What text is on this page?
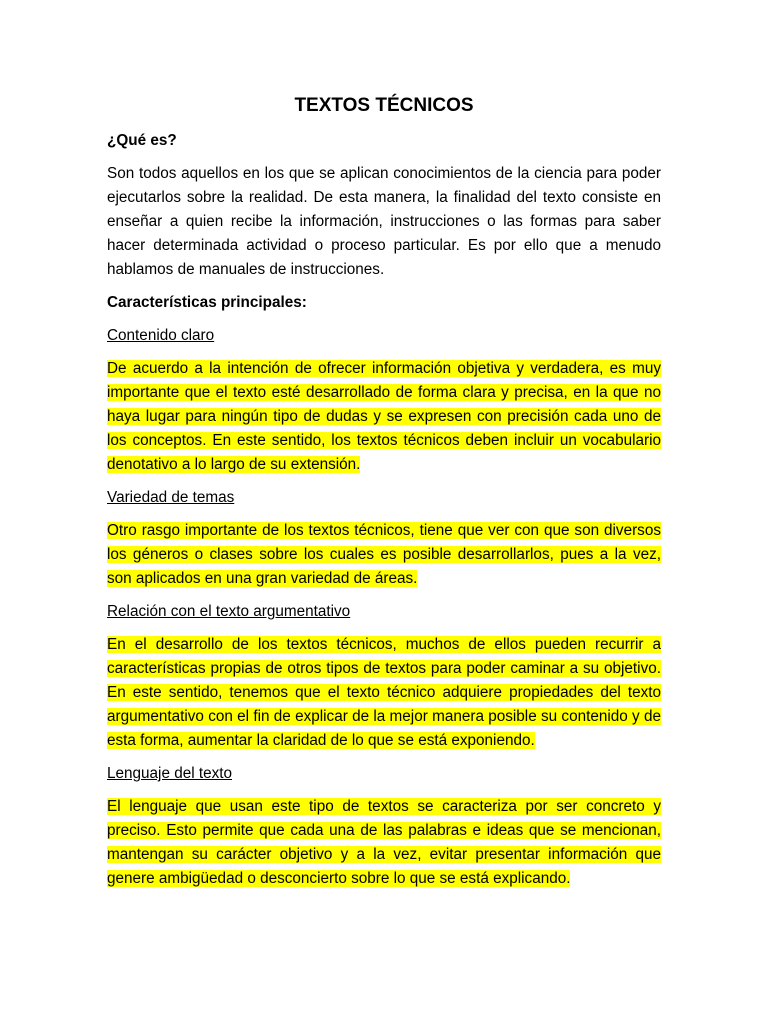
TEXTOS TÉCNICOS
¿Qué es?

Son todos aquellos en los que se aplican conocimientos de la ciencia para poder ejecutarlos sobre la realidad. De esta manera, la finalidad del texto consiste en enseñar a quien recibe la información, instrucciones o las formas para saber hacer determinada actividad o proceso particular. Es por ello que a menudo hablamos de manuales de instrucciones.

Características principales:
Contenido claro

De acuerdo a la intención de ofrecer información objetiva y verdadera, es muy importante que el texto esté desarrollado de forma clara y precisa, en la que no haya lugar para ningún tipo de dudas y se expresen con precisión cada uno de los conceptos. En este sentido, los textos técnicos deben incluir un vocabulario denotativo a lo largo de su extensión.

Variedad de temas

Otro rasgo importante de los textos técnicos, tiene que ver con que son diversos los géneros o clases sobre los cuales es posible desarrollarlos, pues a la vez, son aplicados en una gran variedad de áreas.

Relación con el texto argumentativo

En el desarrollo de los textos técnicos, muchos de ellos pueden recurrir a características propias de otros tipos de textos para poder caminar a su objetivo. En este sentido, tenemos que el texto técnico adquiere propiedades del texto argumentativo con el fin de explicar de la mejor manera posible su contenido y de esta forma, aumentar la claridad de lo que se está exponiendo.

Lenguaje del texto

El lenguaje que usan este tipo de textos se caracteriza por ser concreto y preciso. Esto permite que cada una de las palabras e ideas que se mencionan, mantengan su carácter objetivo y a la vez, evitar presentar información que genere ambigüedad o desconcierto sobre lo que se está explicando.
